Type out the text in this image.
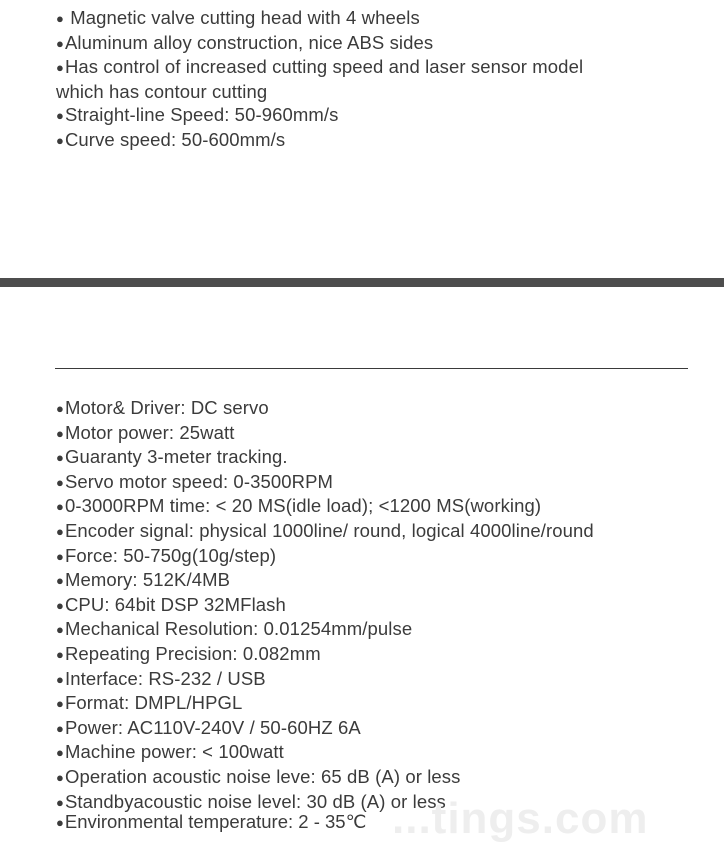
● Magnetic valve cutting head with 4 wheels
●Aluminum alloy construction, nice ABS sides
●Has control of increased cutting speed and laser sensor model
which has contour cutting
●Straight-line Speed: 50-960mm/s
●Curve speed: 50-600mm/s
●Motor& Driver: DC servo
●Motor power: 25watt
●Guaranty 3-meter tracking.
●Servo motor speed: 0-3500RPM
●0-3000RPM time: < 20 MS(idle load); <1200 MS(working)
●Encoder signal: physical 1000line/ round, logical 4000line/round
●Force: 50-750g(10g/step)
●Memory: 512K/4MB
●CPU: 64bit DSP 32MFlash
●Mechanical Resolution: 0.01254mm/pulse
●Repeating Precision: 0.082mm
●Interface: RS-232 / USB
●Format: DMPL/HPGL
●Power: AC110V-240V / 50-60HZ 6A
●Machine power: < 100watt
●Operation acoustic noise leve: 65 dB (A) or less
●Standbyacoustic noise level: 30 dB (A) or less
...tings.com
●Environmental temperature: 2 - 35℃
